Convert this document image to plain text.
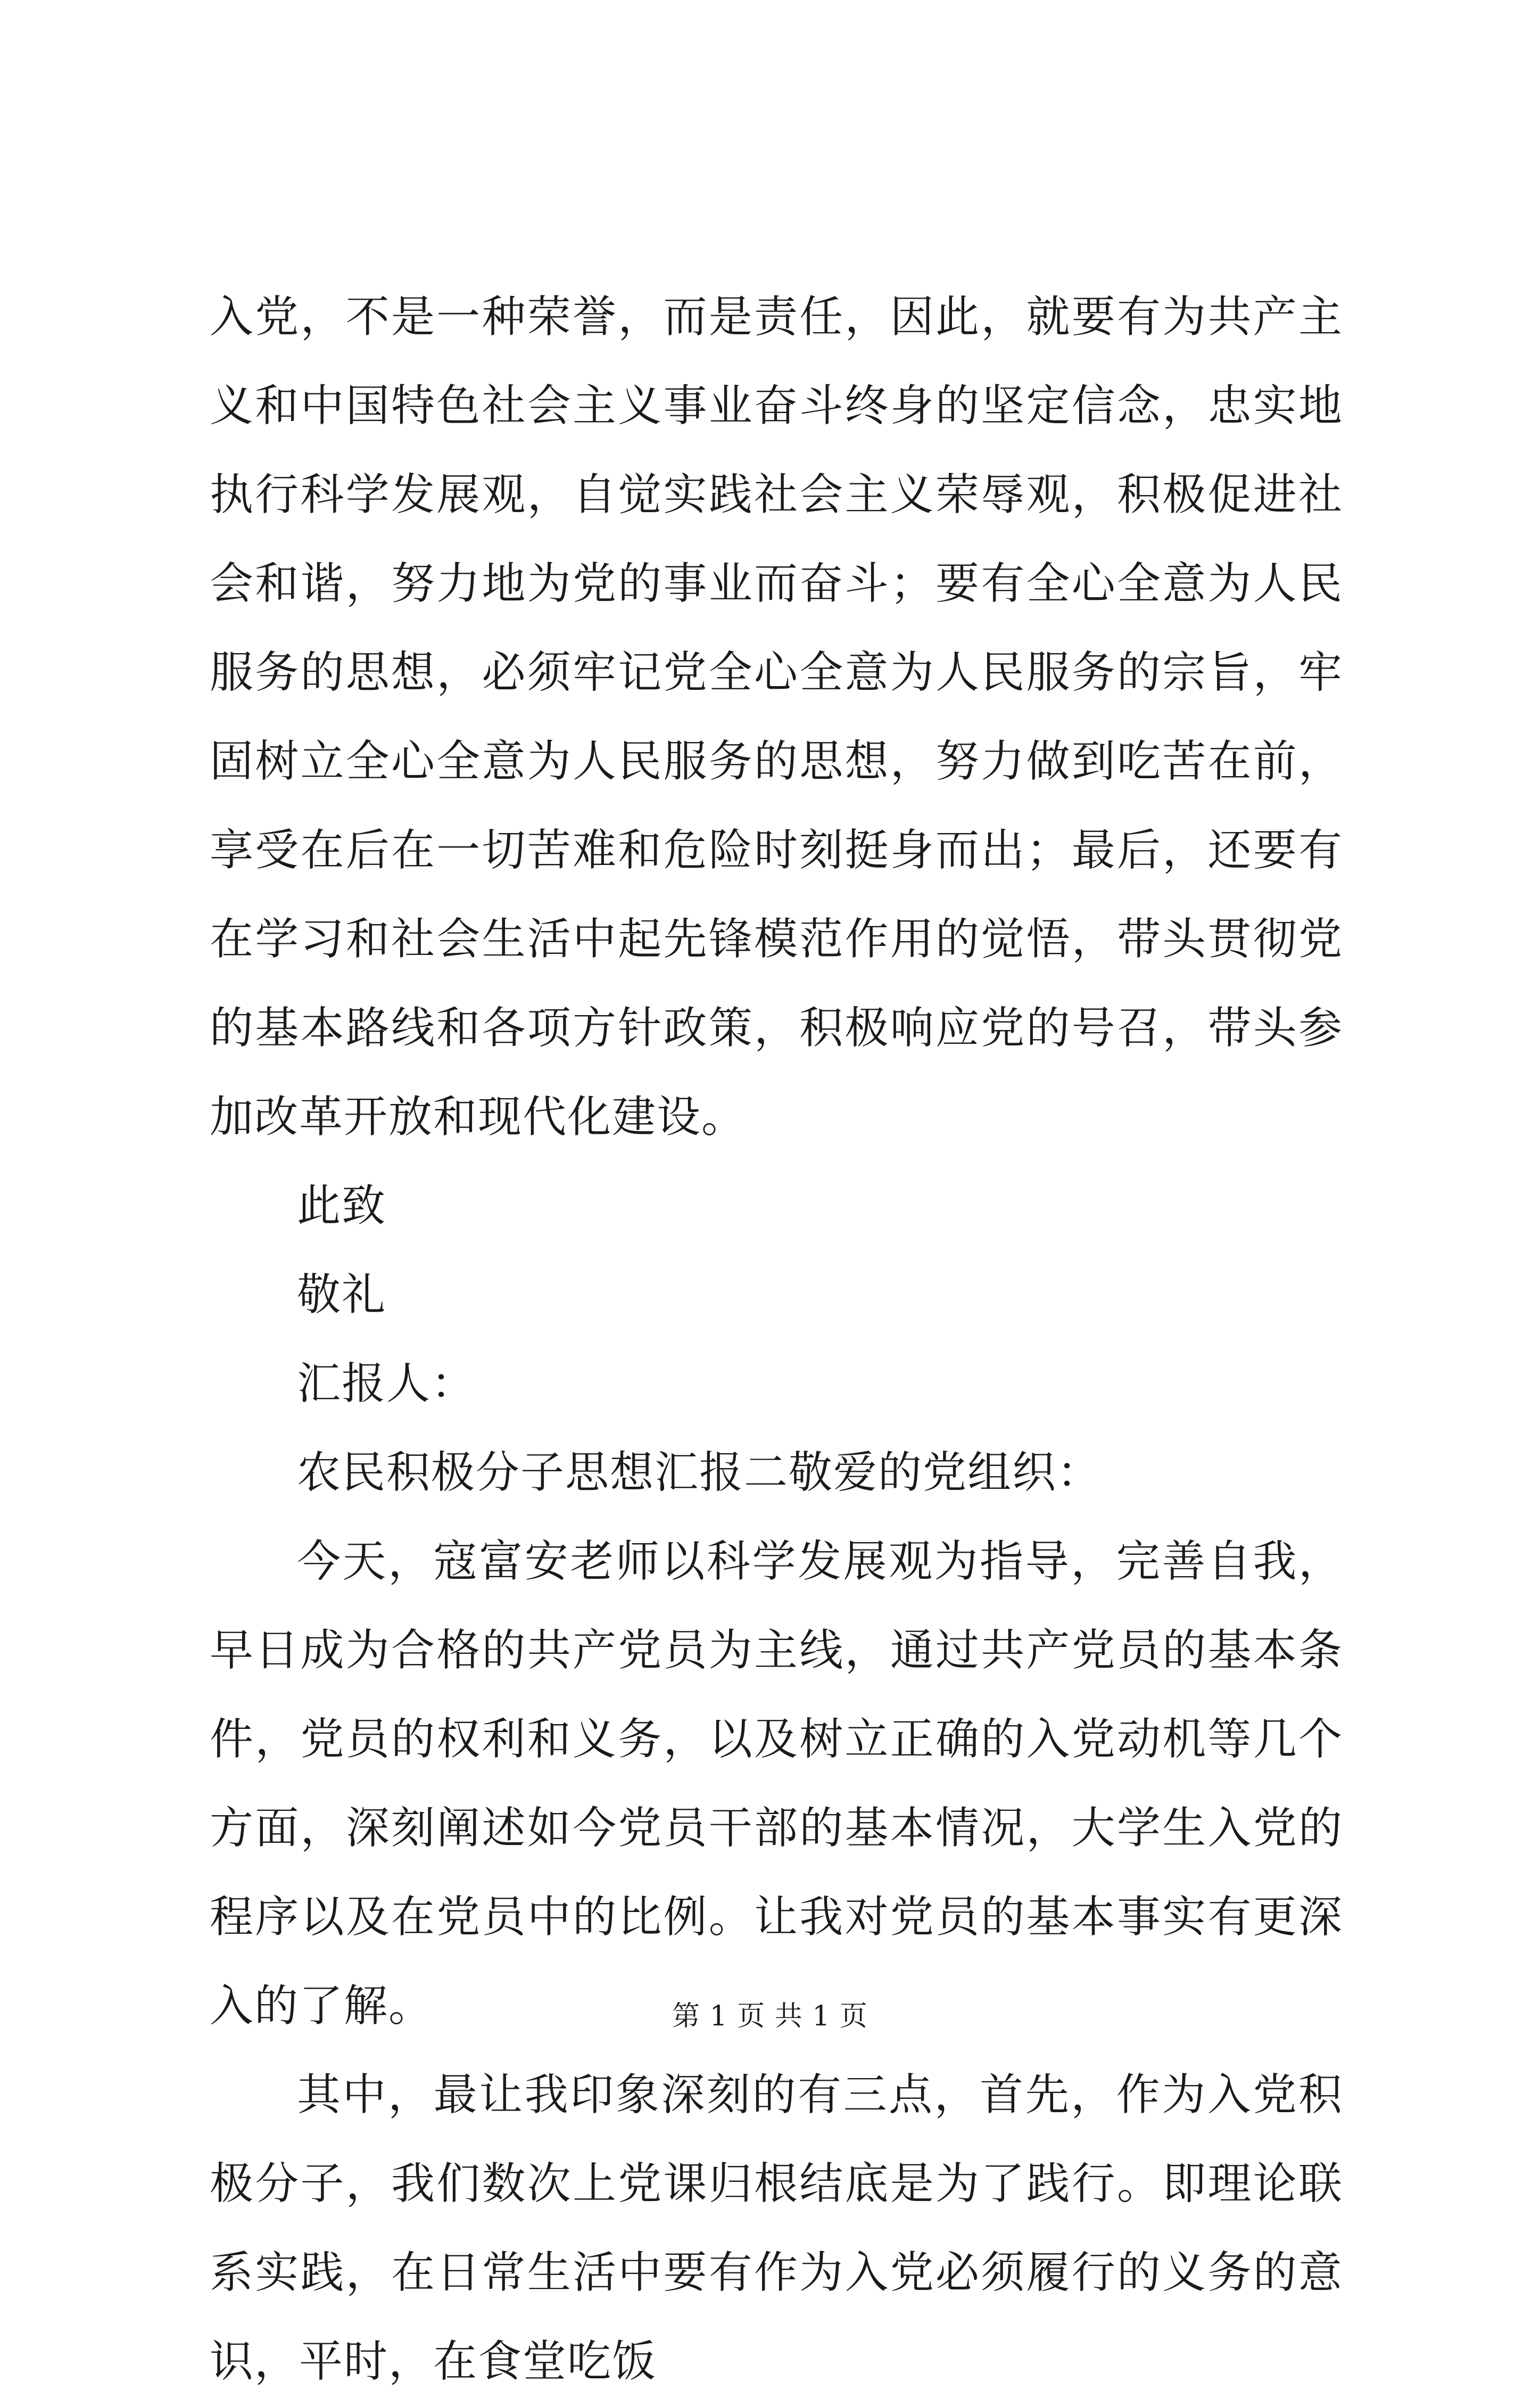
入党，不是一种荣誉，而是责任，因此，就要有为共产主义和中国特色社会主义事业奋斗终身的坚定信念，忠实地执行科学发展观，自觉实践社会主义荣辱观，积极促进社会和谐，努力地为党的事业而奋斗；要有全心全意为人民服务的思想，必须牢记党全心全意为人民服务的宗旨，牢固树立全心全意为人民服务的思想，努力做到吃苦在前，享受在后在一切苦难和危险时刻挺身而出；最后，还要有在学习和社会生活中起先锋模范作用的觉悟，带头贯彻党的基本路线和各项方针政策，积极响应党的号召，带头参加改革开放和现代化建设。

此致

敬礼

汇报人：

农民积极分子思想汇报二敬爱的党组织：

今天，寇富安老师以科学发展观为指导，完善自我，早日成为合格的共产党员为主线，通过共产党员的基本条件，党员的权利和义务，以及树立正确的入党动机等几个方面，深刻阐述如今党员干部的基本情况，大学生入党的程序以及在党员中的比例。让我对党员的基本事实有更深入的了解。

其中，最让我印象深刻的有三点，首先，作为入党积极分子，我们数次上党课归根结底是为了践行。即理论联系实践，在日常生活中要有作为入党必须履行的义务的意识，平时，在食堂吃饭

第 1 页 共 1 页
